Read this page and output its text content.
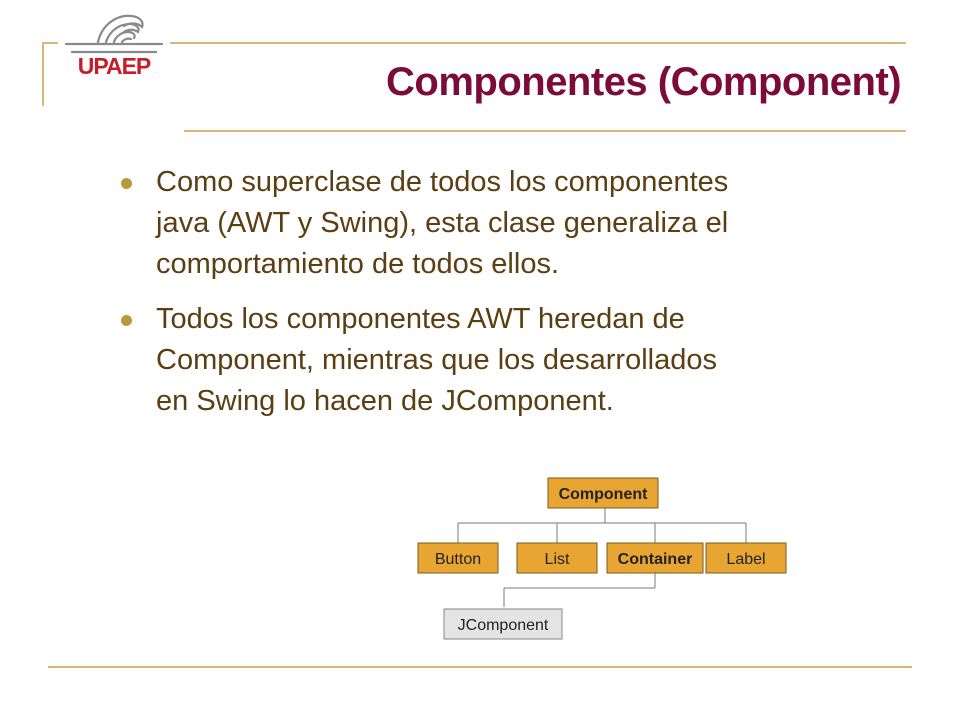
UPAEP	Componentes (Component)
Como superclase de todos los componentes
java (AWT y Swing), esta clase generaliza el
comportamiento de todos ellos.
Todos los componentes AWT heredan de
Component, mientras que los desarrollados
en Swing lo hacen de JComponent.
Component
Button	List	Container Label
JComponent
